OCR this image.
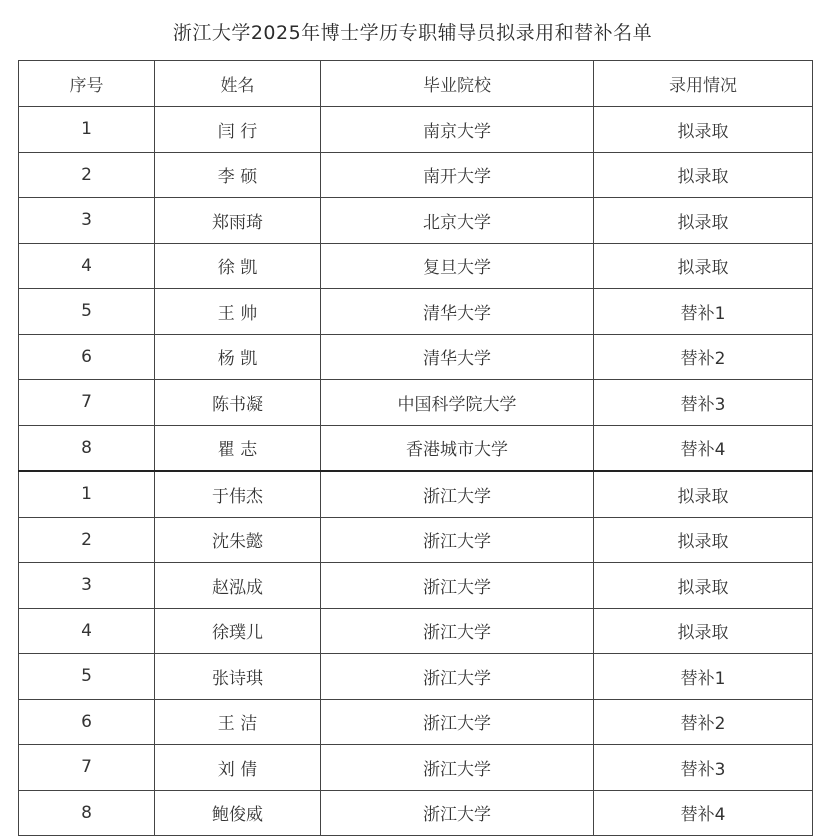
浙江大学2025年博士学历专职辅导员拟录用和替补名单
序号	姓名	毕业院校	录用情况
1	闫 行	南京大学	拟录取
2	李 硕	南开大学	拟录取
3	郑雨琦	北京大学	拟录取
4	徐 凯	复旦大学	拟录取
5	王 帅	清华大学	替补1
6	杨 凯	清华大学	替补2
7	陈书凝	中国科学院大学	替补3
8	瞿 志	香港城市大学	替补4
1	于伟杰	浙江大学	拟录取
2	沈朱懿	浙江大学	拟录取
3	赵泓成	浙江大学	拟录取
4	徐璞儿	浙江大学	拟录取
5	张诗琪	浙江大学	替补1
6	王 洁	浙江大学	替补2
7	刘 倩	浙江大学	替补3
8	鲍俊威	浙江大学	替补4
